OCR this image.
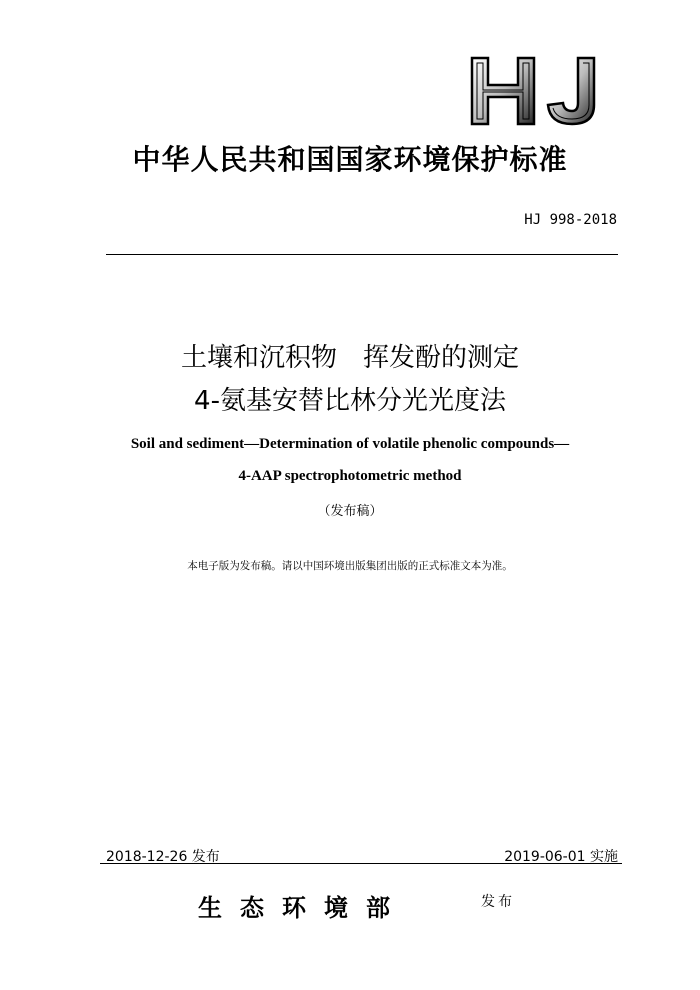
HJ
中华人民共和国国家环境保护标准
HJ 998-2018
土壤和沉积物 挥发酚的测定
4-氨基安替比林分光光度法
Soil and sediment—Determination of volatile phenolic compounds—
4-AAP spectrophotometric method
（发布稿）
本电子版为发布稿。请以中国环境出版集团出版的正式标准文本为准。
2018-12-26 发布	2019-06-01 实施
生态环境部	发布
